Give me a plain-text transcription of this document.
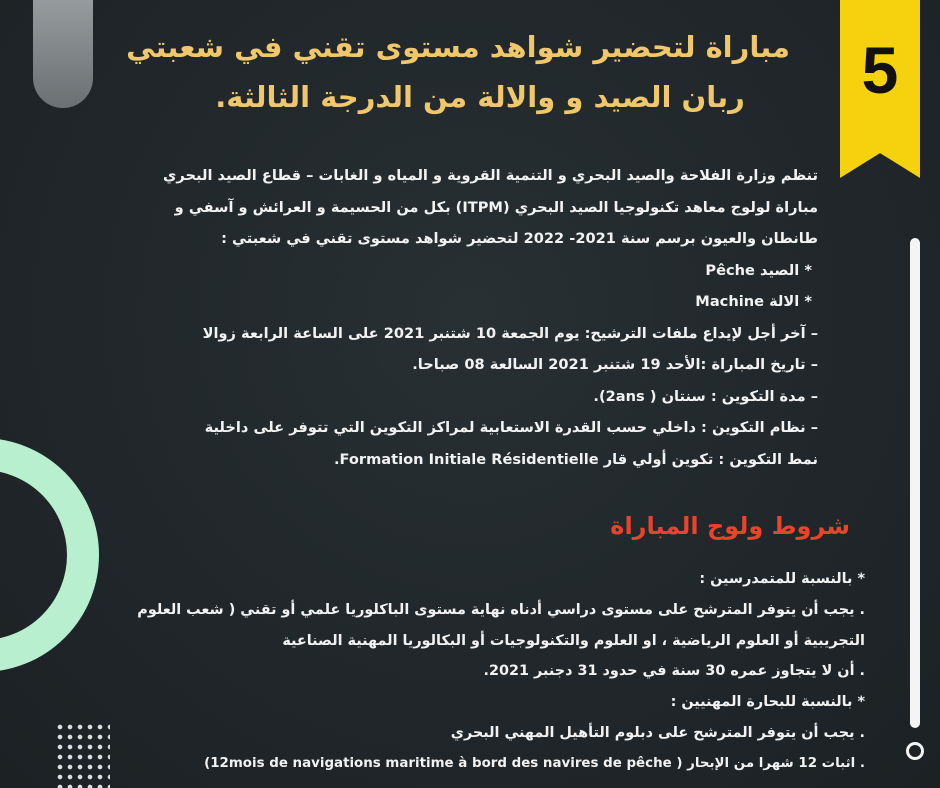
5
مباراة لتحضير شواهد مستوى تقني في شعبتي
ربان الصيد و والالة من الدرجة الثالثة.
تنظم وزارة الفلاحة والصيد البحري و التنمية القروية و المياه و الغابات – قطاع الصيد البحري
مباراة لولوج معاهد تكنولوجيا الصيد البحري (ITPM) بكل من الحسيمة و العرائش و آسفي و
طانطان والعيون برسم سنة 2021- 2022 لتحضير شواهد مستوى تقني في شعبتي :
* الصيد Pêche
* الالة Machine
– آخر أجل لإيداع ملفات الترشيح: يوم الجمعة 10 شتنبر 2021 على الساعة الرابعة زوالا
– تاريخ المباراة :الأحد 19 شتنبر 2021 السالعة 08 صباحا.
– مدة التكوين : سنتان ( 2ans).
– نظام التكوين : داخلي حسب القدرة الاستعابية لمراكز التكوين التي تتوفر على داخلية
نمط التكوين : تكوين أولي قار Formation Initiale Résidentielle.
شروط ولوج المباراة
* بالنسبة للمتمدرسين :
. يجب أن يتوفر المترشح على مستوى دراسي أدناه نهاية مستوى الباكلوريا علمي أو تقني ( شعب العلوم
التجريبية أو العلوم الرياضية ، او العلوم والتكنولوجيات أو البكالوريا المهنية الصناعية
. أن لا يتجاوز عمره 30 سنة في حدود 31 دجنبر 2021.
* بالنسبة للبحارة المهنيين :
. يجب أن يتوفر المترشح على دبلوم التأهيل المهني البحري
. اثبات 12 شهرا من الإبحار ( 12mois de navigations maritime à bord des navires de pêche)
